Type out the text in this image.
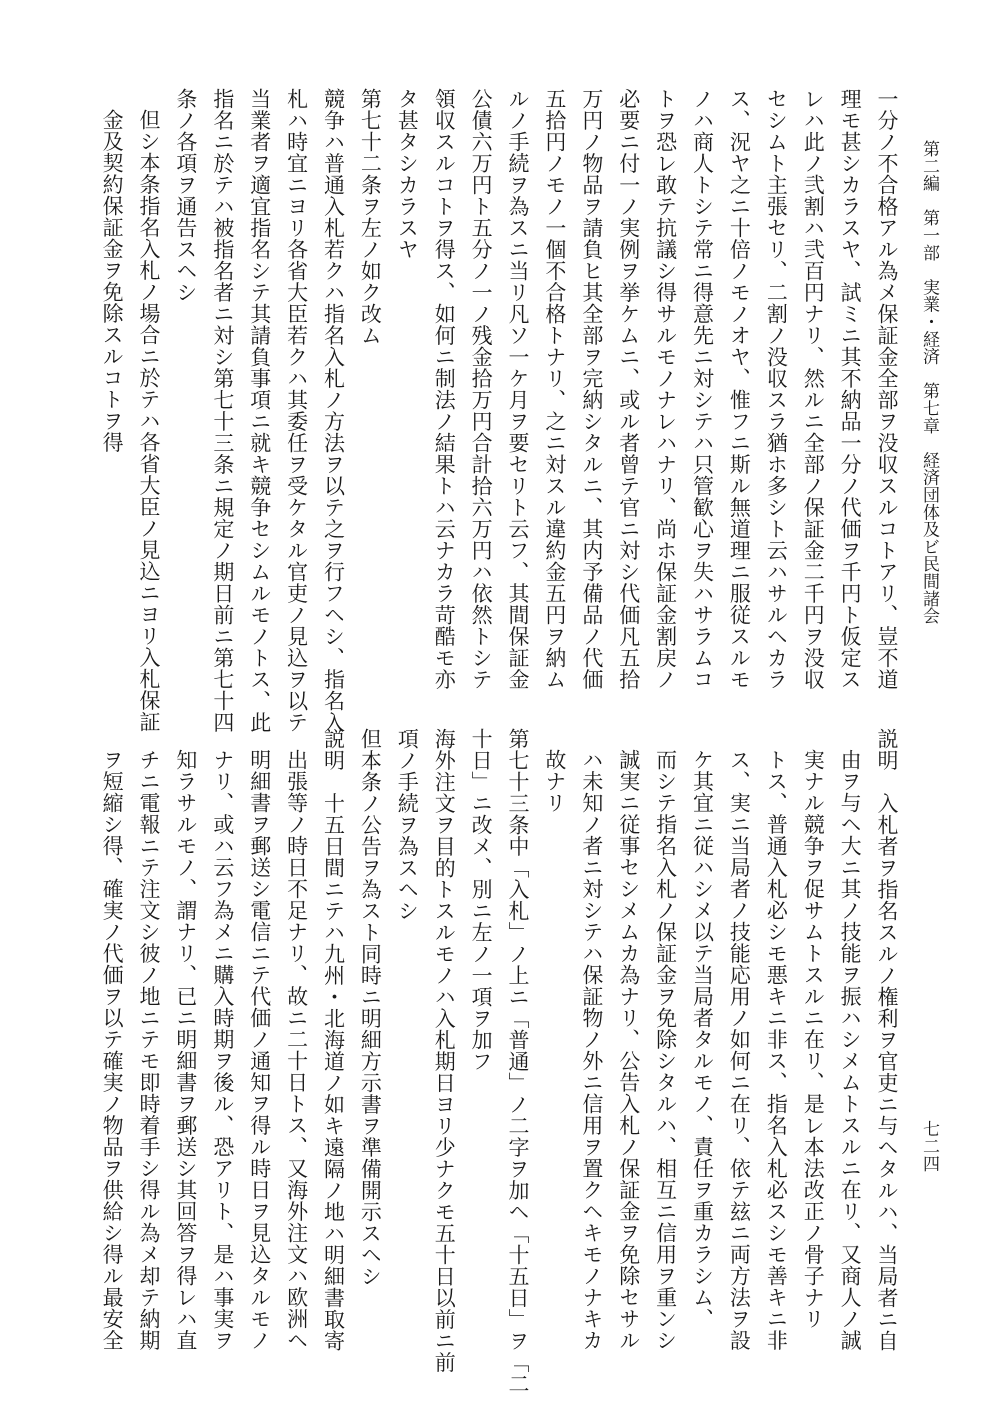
第二編　第一部　実業・経済　第七章　経済団体及ビ民間諸会
七二四
一分ノ不合格アル為メ保証金全部ヲ没収スルコトアリ、豈不道
理モ甚シカラスヤ、試ミニ其不納品一分ノ代価ヲ千円ト仮定ス
レハ此ノ弐割ハ弐百円ナリ、然ルニ全部ノ保証金二千円ヲ没収
セシムト主張セリ、二割ノ没収スラ猶ホ多シト云ハサルヘカラ
ス、況ヤ之ニ十倍ノモノオヤ、惟フニ斯ル無道理ニ服従スルモ
ノハ商人トシテ常ニ得意先ニ対シテハ只管歓心ヲ失ハサラムコ
トヲ恐レ敢テ抗議シ得サルモノナレハナリ、尚ホ保証金割戻ノ
必要ニ付一ノ実例ヲ挙ケムニ、或ル者曾テ官ニ対シ代価凡五拾
万円ノ物品ヲ請負ヒ其全部ヲ完納シタルニ、其内予備品ノ代価
五拾円ノモノ一個不合格トナリ、之ニ対スル違約金五円ヲ納ム
ルノ手続ヲ為スニ当リ凡ソ一ケ月ヲ要セリト云フ、其間保証金
公債六万円ト五分ノ一ノ残金拾万円合計拾六万円ハ依然トシテ
領収スルコトヲ得ス、如何ニ制法ノ結果トハ云ナカラ苛酷モ亦
タ甚タシカラスヤ
第七十二条ヲ左ノ如ク改ム
競争ハ普通入札若クハ指名入札ノ方法ヲ以テ之ヲ行フヘシ、指名入
札ハ時宜ニヨリ各省大臣若クハ其委任ヲ受ケタル官吏ノ見込ヲ以テ
当業者ヲ適宜指名シテ其請負事項ニ就キ競争セシムルモノトス、此
指名ニ於テハ被指名者ニ対シ第七十三条ニ規定ノ期日前ニ第七十四
条ノ各項ヲ通告スヘシ
但シ本条指名入札ノ場合ニ於テハ各省大臣ノ見込ニヨリ入札保証
金及契約保証金ヲ免除スルコトヲ得
説明　入札者ヲ指名スルノ権利ヲ官吏ニ与ヘタルハ、当局者ニ自
由ヲ与ヘ大ニ其ノ技能ヲ振ハシメムトスルニ在リ、又商人ノ誠
実ナル競争ヲ促サムトスルニ在リ、是レ本法改正ノ骨子ナリ
トス、普通入札必シモ悪キニ非ス、指名入札必スシモ善キニ非
ス、実ニ当局者ノ技能応用ノ如何ニ在リ、依テ玆ニ両方法ヲ設
ケ其宜ニ従ハシメ以テ当局者タルモノ、責任ヲ重カラシム、
而シテ指名入札ノ保証金ヲ免除シタルハ、相互ニ信用ヲ重ンシ
誠実ニ従事セシメムカ為ナリ、公告入札ノ保証金ヲ免除セサル
ハ未知ノ者ニ対シテハ保証物ノ外ニ信用ヲ置クヘキモノナキカ
故ナリ
第七十三条中「入札」ノ上ニ「普通」ノ二字ヲ加ヘ「十五日」ヲ「二
十日」ニ改メ、別ニ左ノ一項ヲ加フ
海外注文ヲ目的トスルモノハ入札期日ヨリ少ナクモ五十日以前ニ前
項ノ手続ヲ為スヘシ
但本条ノ公告ヲ為スト同時ニ明細方示書ヲ準備開示スヘシ
説明　十五日間ニテハ九州・北海道ノ如キ遠隔ノ地ハ明細書取寄
出張等ノ時日不足ナリ、故ニ二十日トス、又海外注文ハ欧洲ヘ
明細書ヲ郵送シ電信ニテ代価ノ通知ヲ得ル時日ヲ見込タルモノ
ナリ、或ハ云フ為メニ購入時期ヲ後ル、恐アリト、是ハ事実ヲ
知ラサルモノ、謂ナリ、已ニ明細書ヲ郵送シ其回答ヲ得レハ直
チニ電報ニテ注文シ彼ノ地ニテモ即時着手シ得ル為メ却テ納期
ヲ短縮シ得、確実ノ代価ヲ以テ確実ノ物品ヲ供給シ得ル最安全
